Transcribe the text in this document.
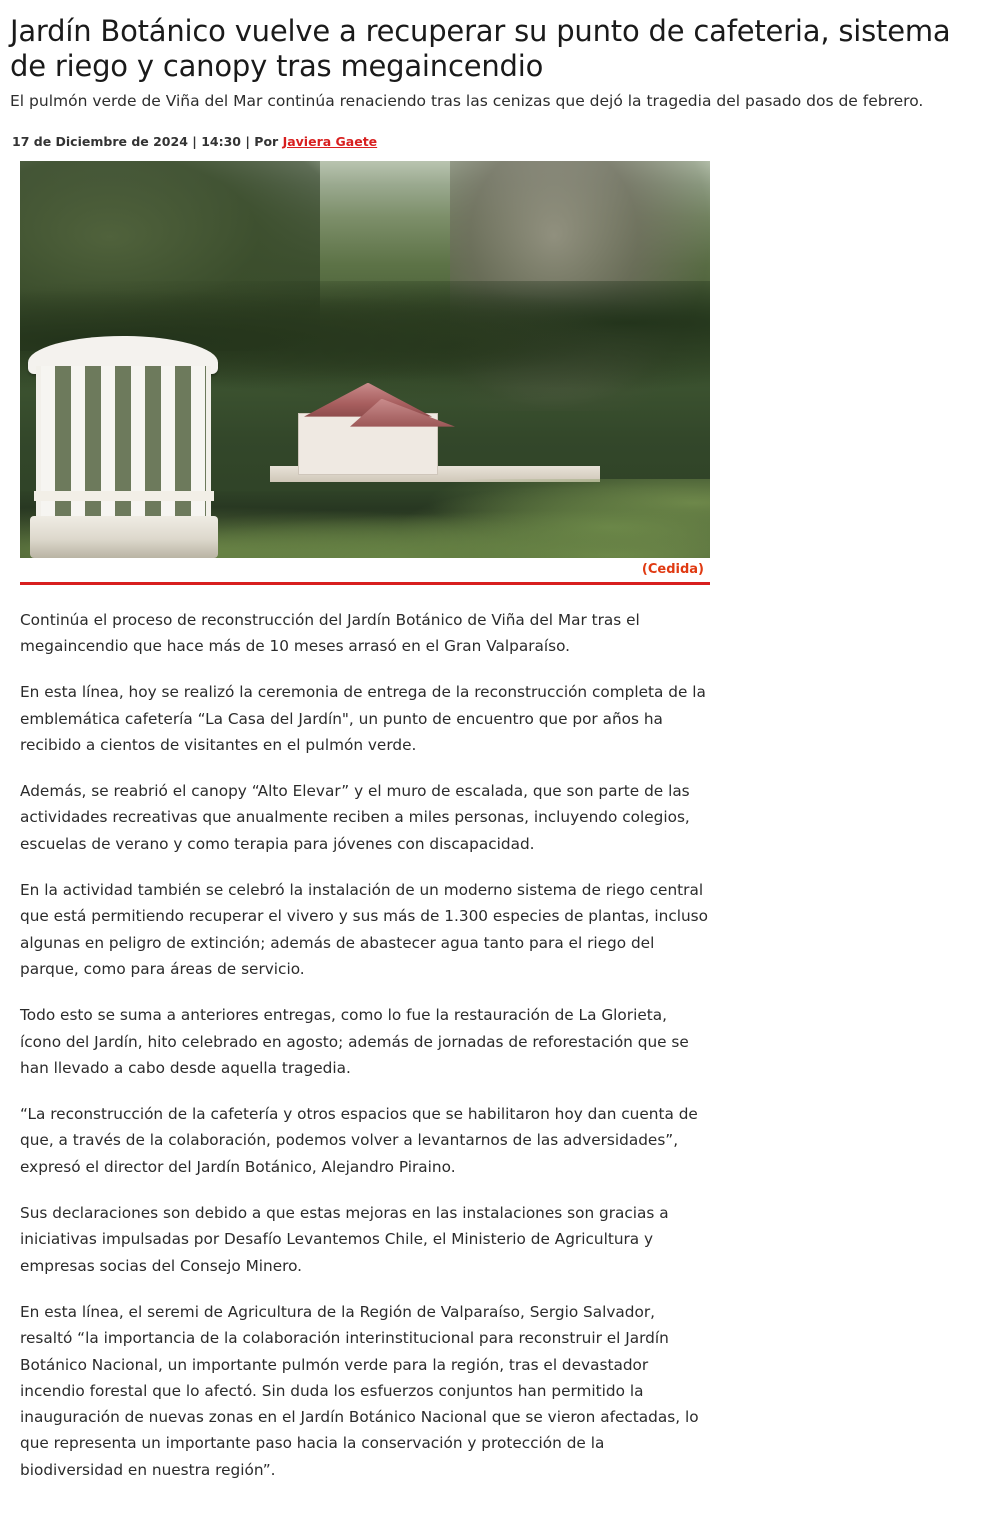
Jardín Botánico vuelve a recuperar su punto de cafeteria, sistema de riego y canopy tras megaincendio

El pulmón verde de Viña del Mar continúa renaciendo tras las cenizas que dejó la tragedia del pasado dos de febrero.

17 de Diciembre de 2024 | 14:30 | Por Javiera Gaete
(Cedida)

Continúa el proceso de reconstrucción del Jardín Botánico de Viña del Mar tras el megaincendio que hace más de 10 meses arrasó en el Gran Valparaíso.

En esta línea, hoy se realizó la ceremonia de entrega de la reconstrucción completa de la emblemática cafetería “La Casa del Jardín", un punto de encuentro que por años ha recibido a cientos de visitantes en el pulmón verde.

Además, se reabrió el canopy “Alto Elevar” y el muro de escalada, que son parte de las actividades recreativas que anualmente reciben a miles personas, incluyendo colegios, escuelas de verano y como terapia para jóvenes con discapacidad.

En la actividad también se celebró la instalación de un moderno sistema de riego central que está permitiendo recuperar el vivero y sus más de 1.300 especies de plantas, incluso algunas en peligro de extinción; además de abastecer agua tanto para el riego del parque, como para áreas de servicio.

Todo esto se suma a anteriores entregas, como lo fue la restauración de La Glorieta, ícono del Jardín, hito celebrado en agosto; además de jornadas de reforestación que se han llevado a cabo desde aquella tragedia.

“La reconstrucción de la cafetería y otros espacios que se habilitaron hoy dan cuenta de que, a través de la colaboración, podemos volver a levantarnos de las adversidades”, expresó el director del Jardín Botánico, Alejandro Piraino.

Sus declaraciones son debido a que estas mejoras en las instalaciones son gracias a iniciativas impulsadas por Desafío Levantemos Chile, el Ministerio de Agricultura y empresas socias del Consejo Minero.

En esta línea, el seremi de Agricultura de la Región de Valparaíso, Sergio Salvador, resaltó “la importancia de la colaboración interinstitucional para reconstruir el Jardín Botánico Nacional, un importante pulmón verde para la región, tras el devastador incendio forestal que lo afectó. Sin duda los esfuerzos conjuntos han permitido la inauguración de nuevas zonas en el Jardín Botánico Nacional que se vieron afectadas, lo que representa un importante paso hacia la conservación y protección de la biodiversidad en nuestra región”.
